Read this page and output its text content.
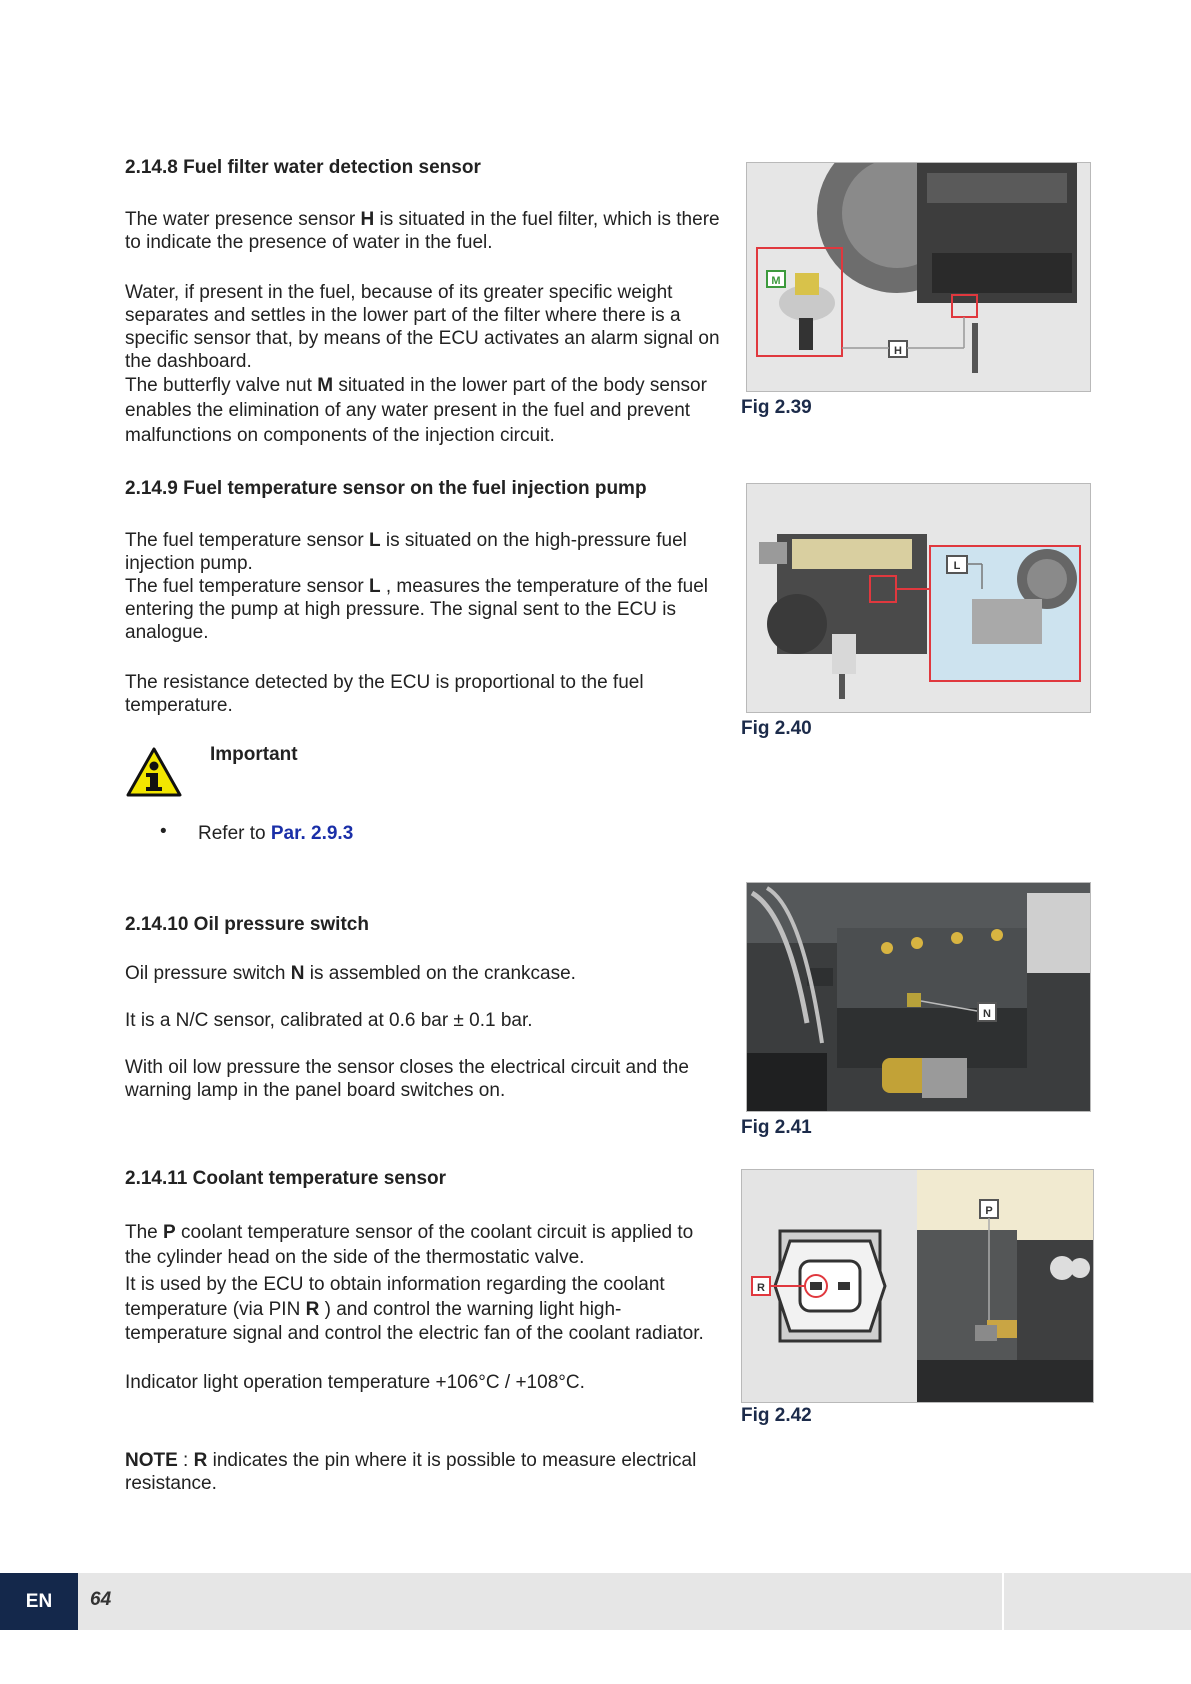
2.14.8 Fuel filter water detection sensor
The water presence sensor H is situated in the fuel filter, which is there to indicate the presence of water in the fuel.
Water, if present in the fuel, because of its greater specific weight separates and settles in the lower part of the filter where there is a specific sensor that, by means of the ECU activates an alarm signal on the dashboard.
The butterfly valve nut M situated in the lower part of the body sensor enables the elimination of any water present in the fuel and prevent malfunctions on components of the injection circuit.
M
H
Fig 2.39
2.14.9 Fuel temperature sensor on the fuel injection pump
The fuel temperature sensor L is situated on the high-pressure fuel injection pump.
The fuel temperature sensor L , measures the temperature of the fuel entering the pump at high pressure. The signal sent to the ECU is analogue.
The resistance detected by the ECU is proportional to the fuel temperature.
Important
• Refer to Par. 2.9.3
L
Fig 2.40
2.14.10 Oil pressure switch
Oil pressure switch N is assembled on the crankcase.
It is a N/C sensor, calibrated at 0.6 bar ± 0.1 bar.
With oil low pressure the sensor closes the electrical circuit and the warning lamp in the panel board switches on.
N
Fig 2.41
2.14.11 Coolant temperature sensor
The P coolant temperature sensor of the coolant circuit is applied to the cylinder head on the side of the thermostatic valve.
It is used by the ECU to obtain information regarding the coolant temperature (via PIN R ) and control the warning light high-temperature signal and control the electric fan of the coolant radiator.
Indicator light operation temperature +106°C / +108°C.
NOTE : R indicates the pin where it is possible to measure electrical resistance.
R
P
Fig 2.42
EN	64
